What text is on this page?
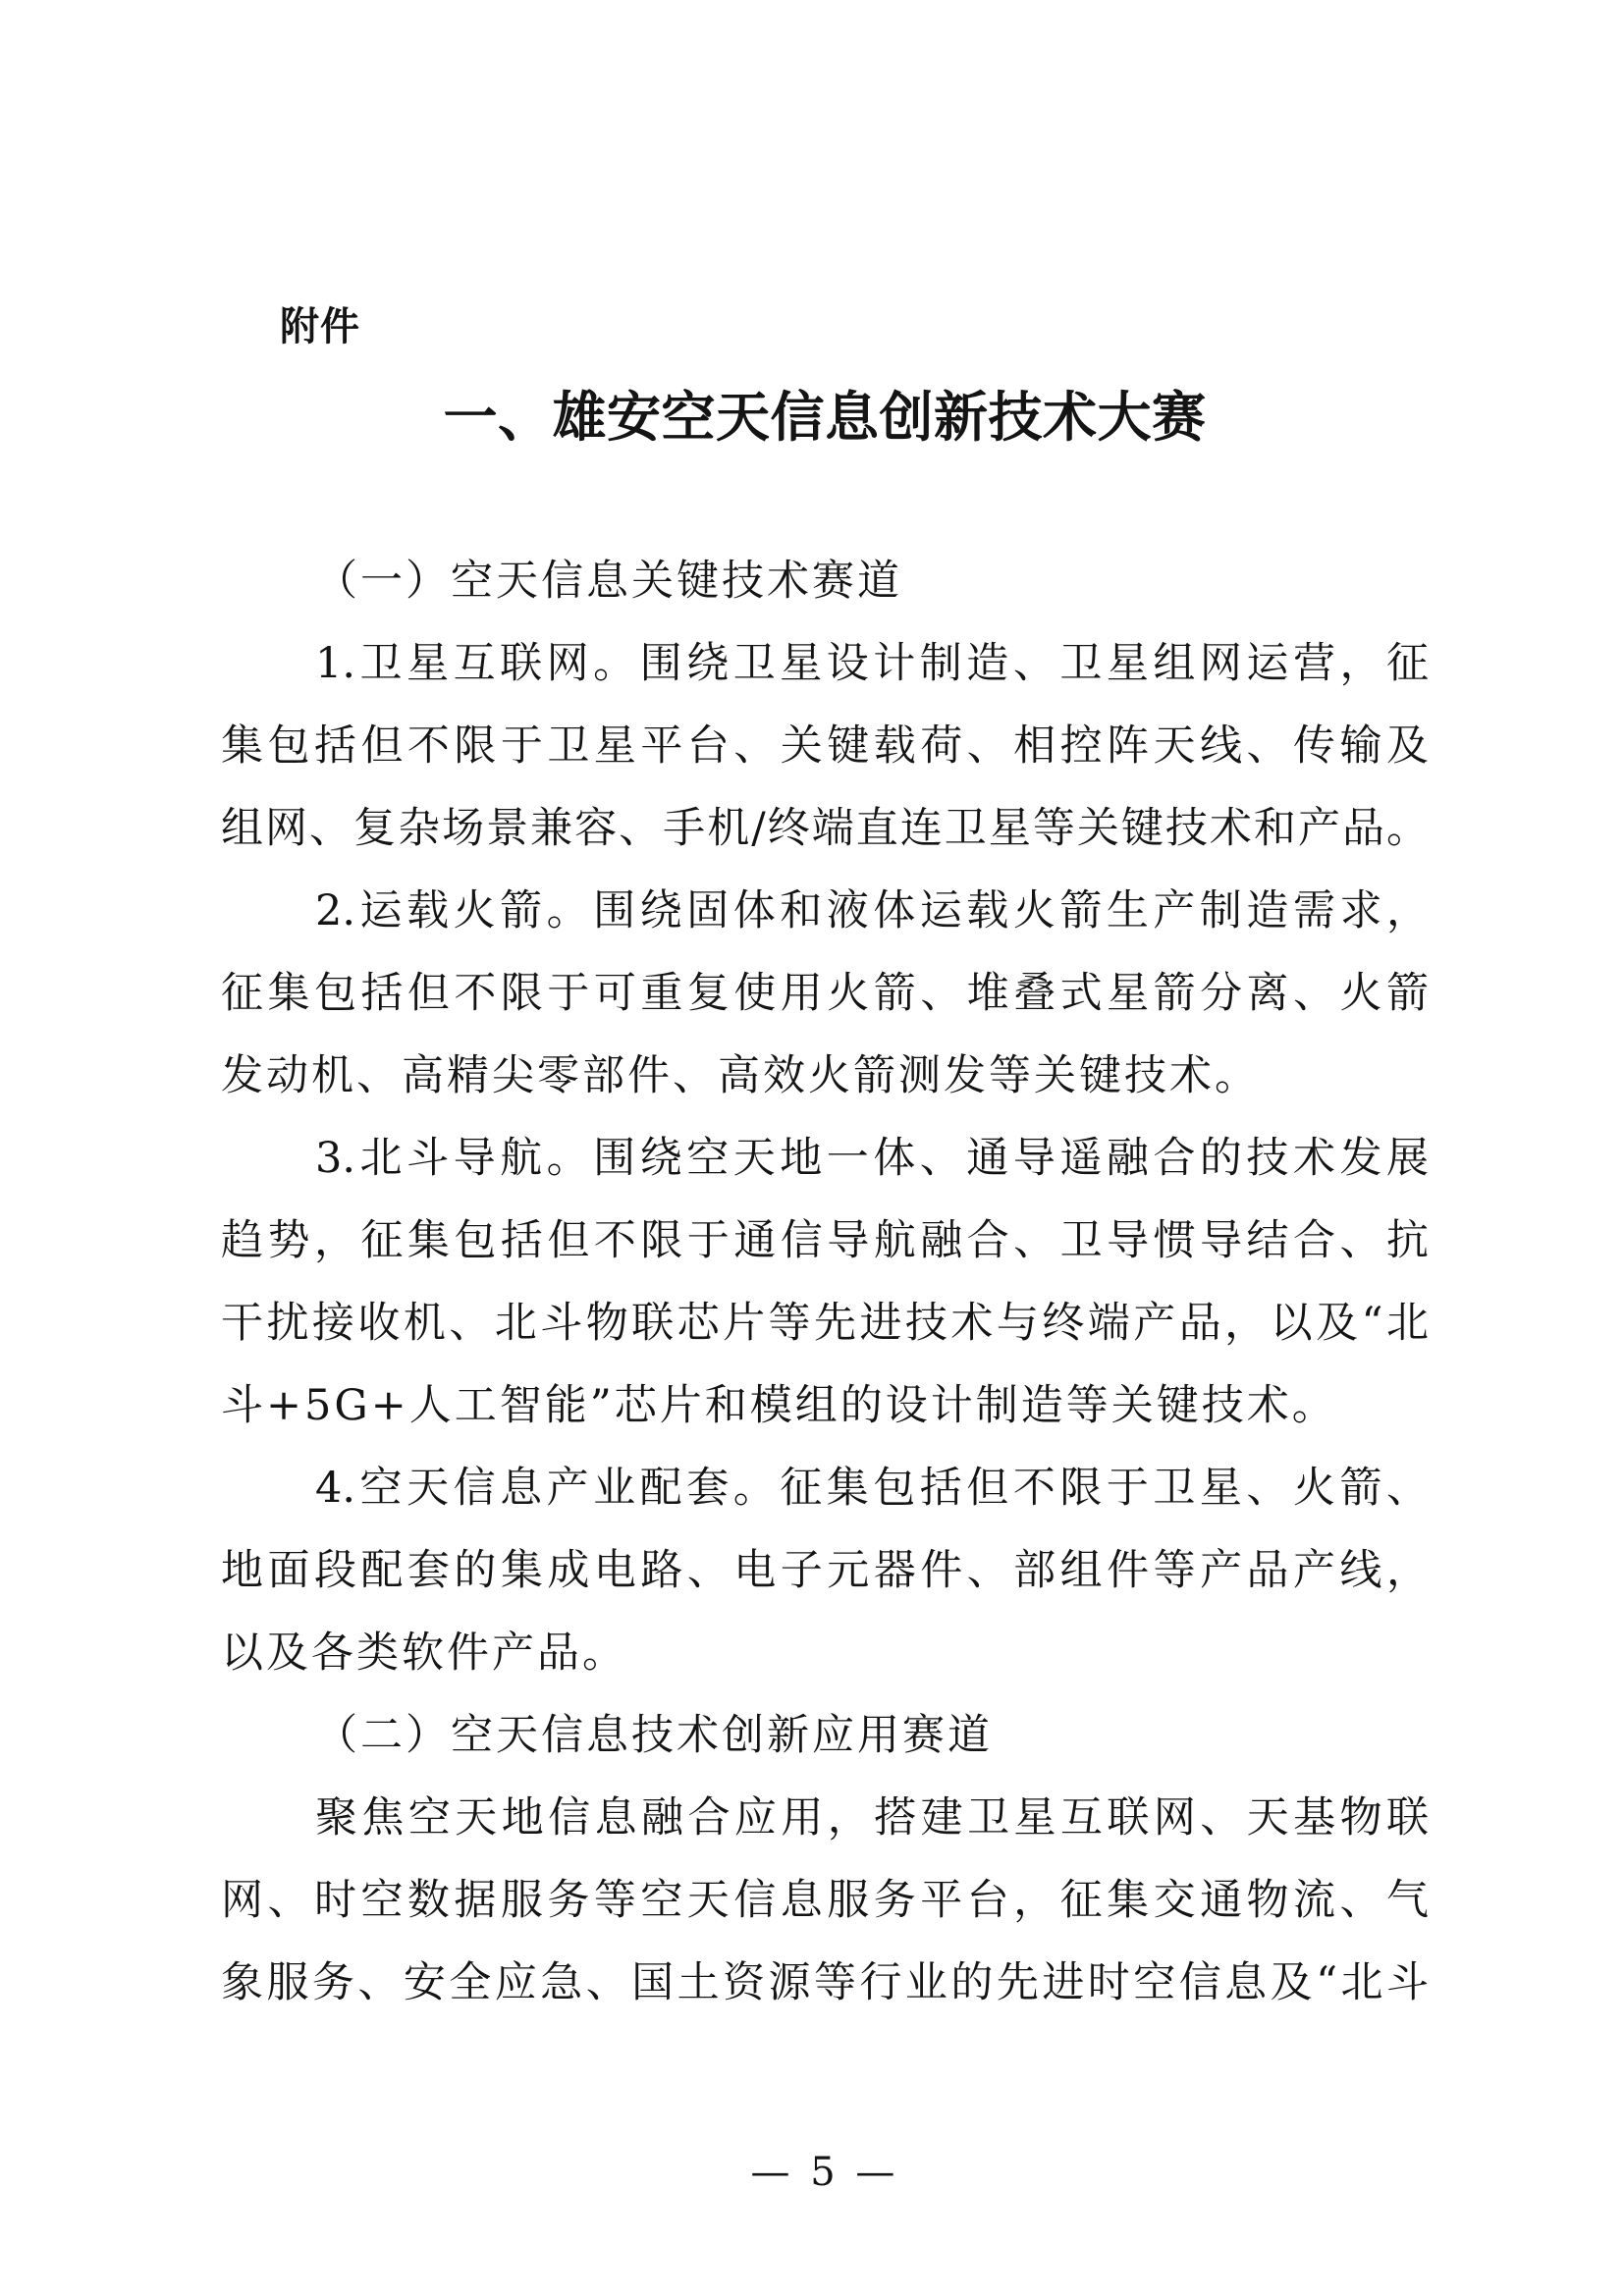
附件
一、雄安空天信息创新技术大赛
（一）空天信息关键技术赛道
1.卫星互联网。围绕卫星设计制造、卫星组网运营，征
集包括但不限于卫星平台、关键载荷、相控阵天线、传输及
组网、复杂场景兼容、手机/终端直连卫星等关键技术和产品。
2.运载火箭。围绕固体和液体运载火箭生产制造需求，
征集包括但不限于可重复使用火箭、堆叠式星箭分离、火箭
发动机、高精尖零部件、高效火箭测发等关键技术。
3.北斗导航。围绕空天地一体、通导遥融合的技术发展
趋势，征集包括但不限于通信导航融合、卫导惯导结合、抗
干扰接收机、北斗物联芯片等先进技术与终端产品，以及“北
斗+5G+人工智能”芯片和模组的设计制造等关键技术。
4.空天信息产业配套。征集包括但不限于卫星、火箭、
地面段配套的集成电路、电子元器件、部组件等产品产线，
以及各类软件产品。
（二）空天信息技术创新应用赛道
聚焦空天地信息融合应用，搭建卫星互联网、天基物联
网、时空数据服务等空天信息服务平台，征集交通物流、气
象服务、安全应急、国土资源等行业的先进时空信息及“北斗
— 5 —
